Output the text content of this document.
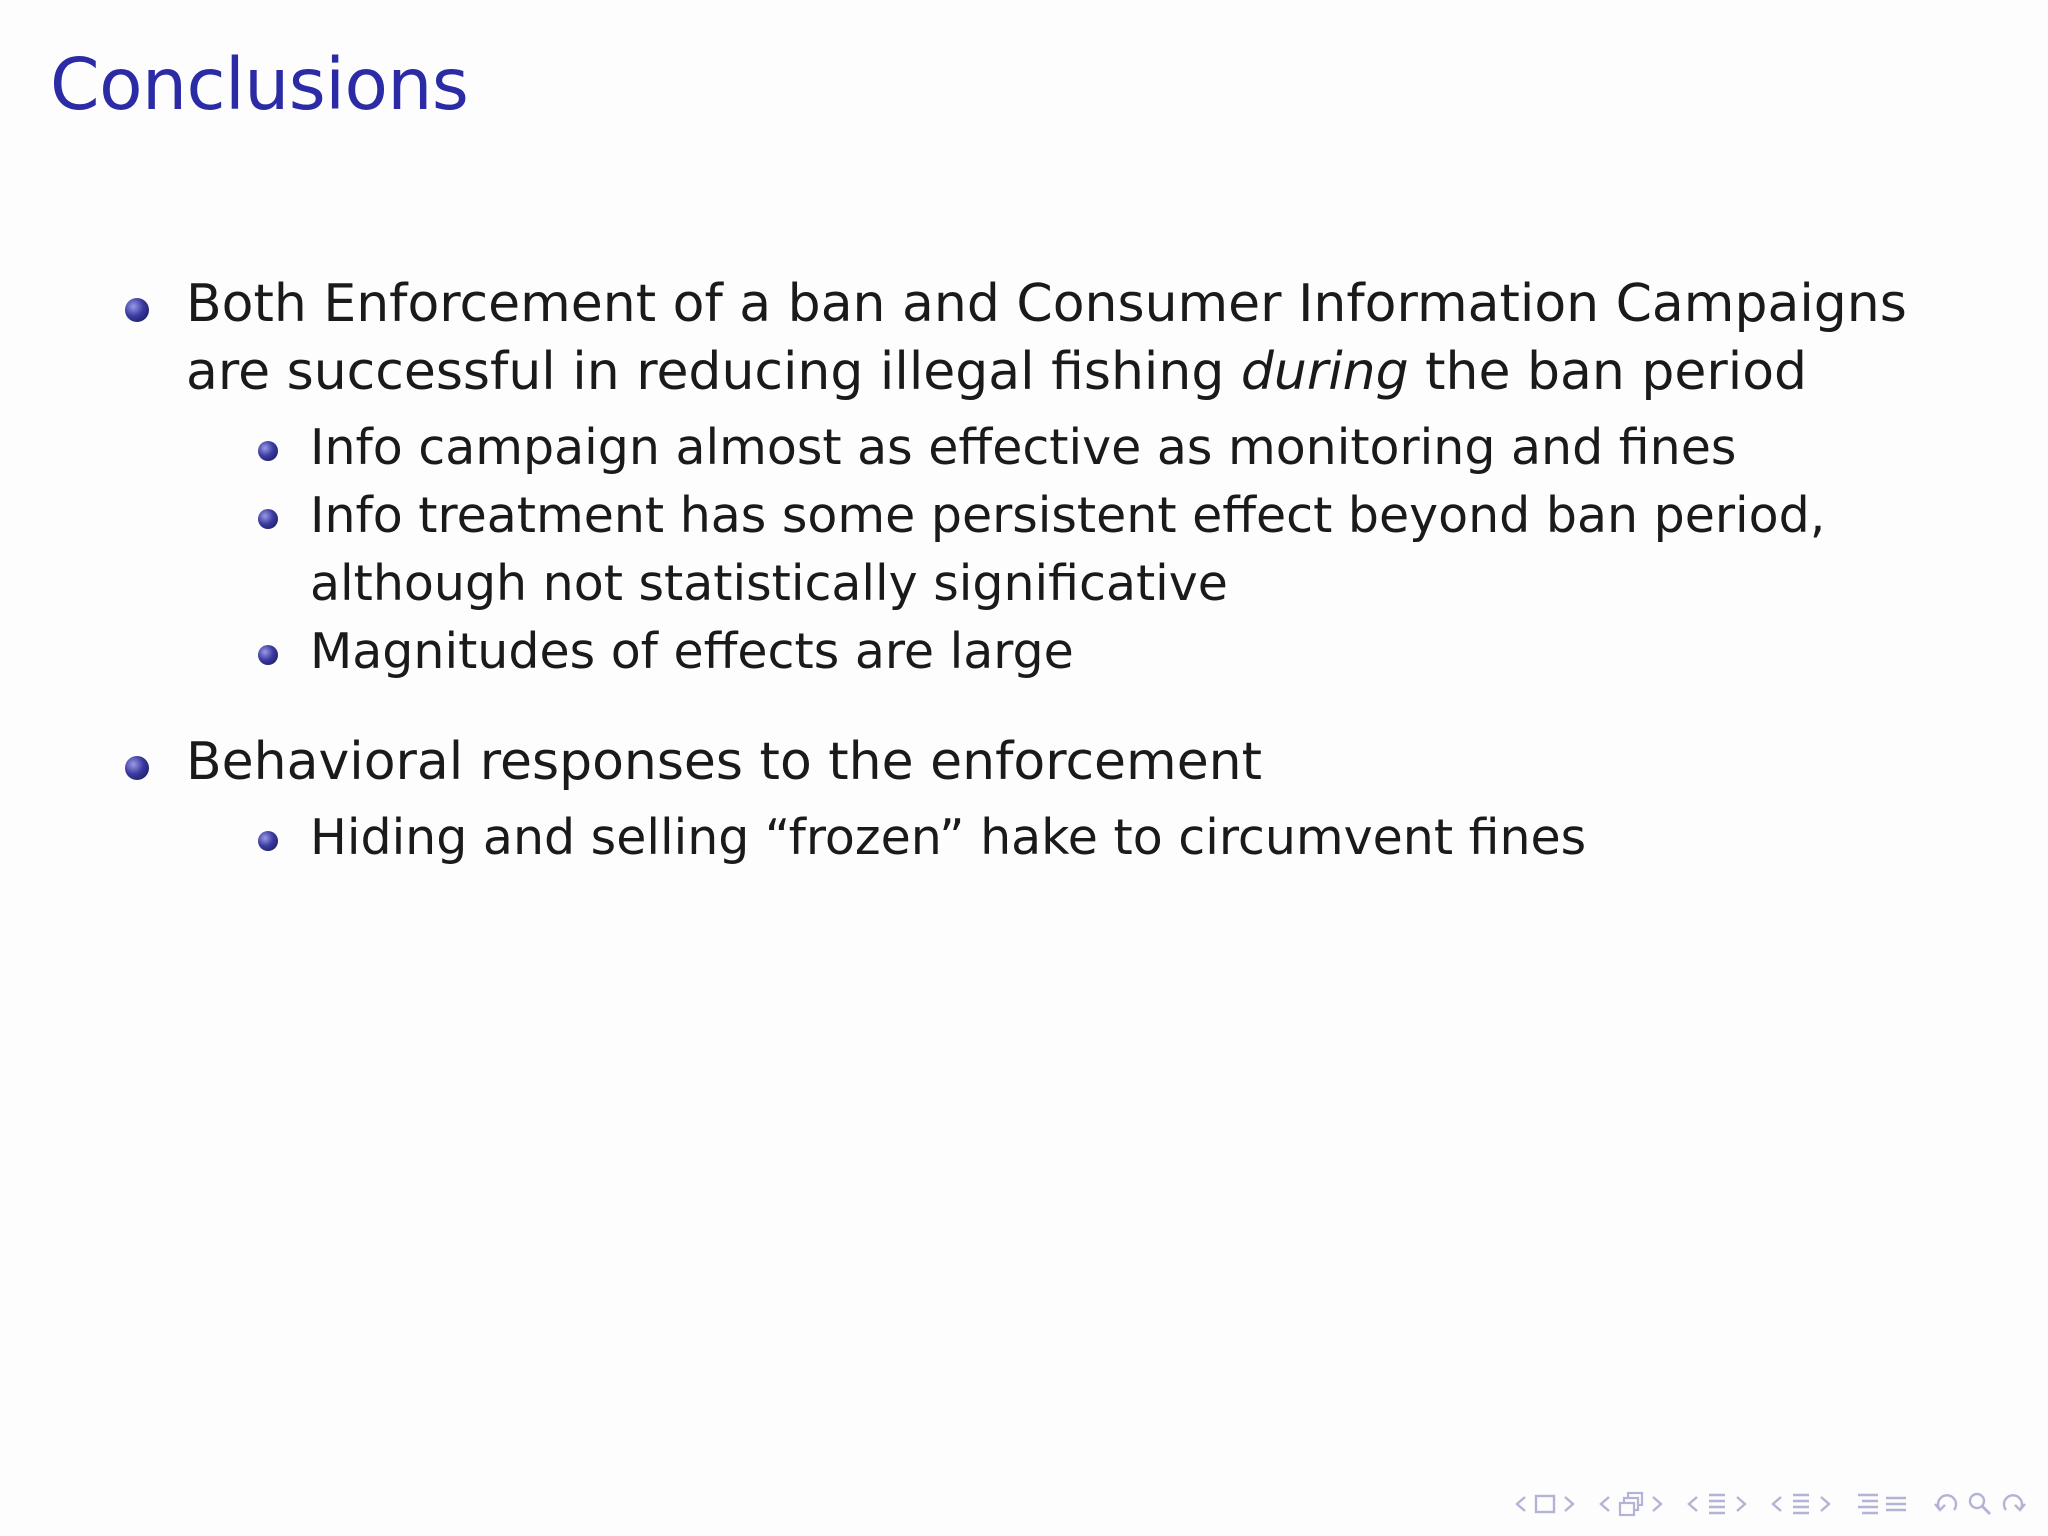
Conclusions
Both Enforcement of a ban and Consumer Information Campaigns are successful in reducing illegal fishing during the ban period
Info campaign almost as effective as monitoring and fines
Info treatment has some persistent effect beyond ban period, although not statistically significative
Magnitudes of effects are large
Behavioral responses to the enforcement
Hiding and selling “frozen” hake to circumvent fines
